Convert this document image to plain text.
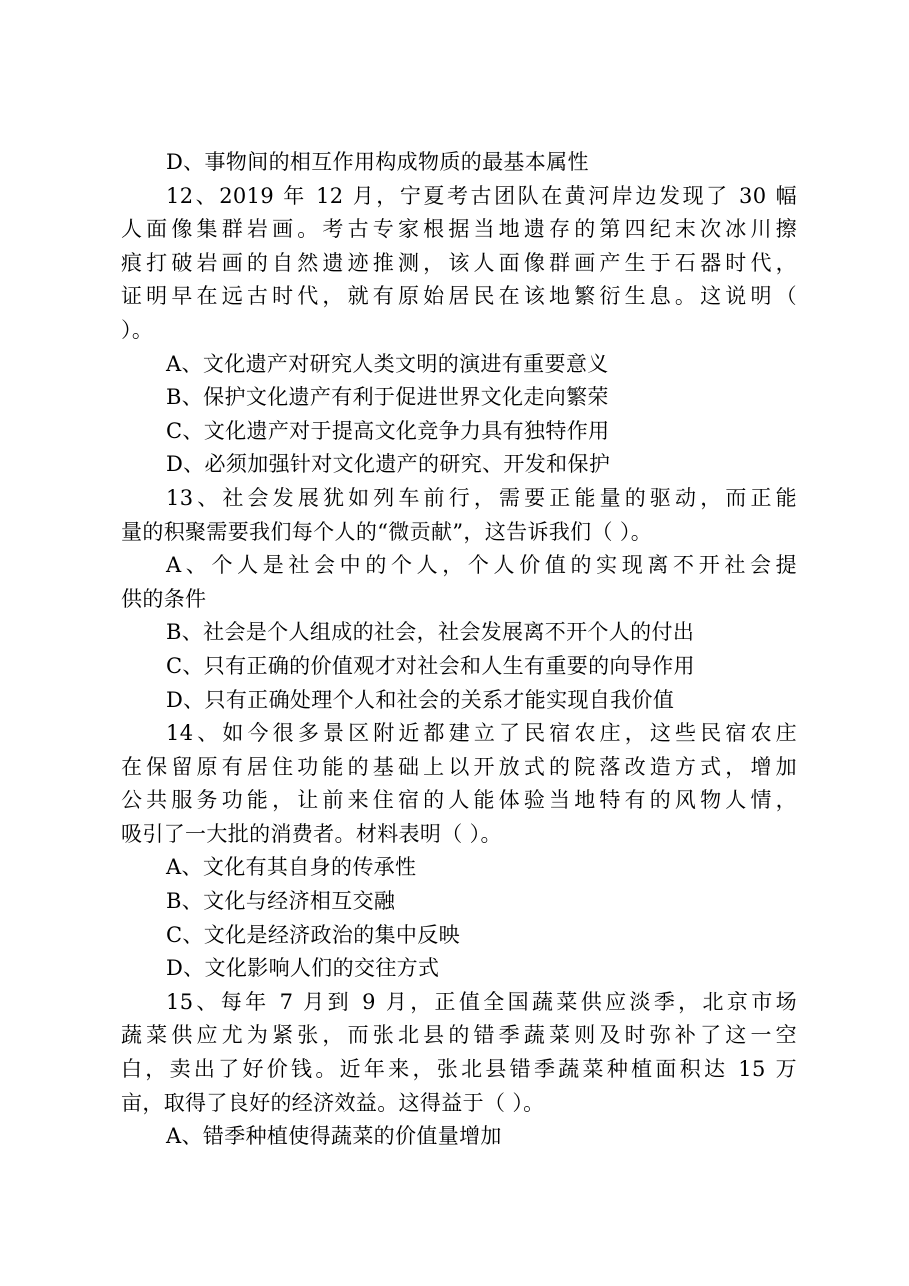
D、事物间的相互作用构成物质的最基本属性
12、2019 年 12 月，宁夏考古团队在黄河岸边发现了 30 幅
人面像集群岩画。考古专家根据当地遗存的第四纪末次冰川擦
痕打破岩画的自然遗迹推测，该人面像群画产生于石器时代，
证明早在远古时代，就有原始居民在该地繁衍生息。这说明（
）。
A、文化遗产对研究人类文明的演进有重要意义
B、保护文化遗产有利于促进世界文化走向繁荣
C、文化遗产对于提高文化竞争力具有独特作用
D、必须加强针对文化遗产的研究、开发和保护
13、社会发展犹如列车前行，需要正能量的驱动，而正能
量的积聚需要我们每个人的“微贡献”，这告诉我们（ ）。
A、个人是社会中的个人，个人价值的实现离不开社会提
供的条件
B、社会是个人组成的社会，社会发展离不开个人的付出
C、只有正确的价值观才对社会和人生有重要的向导作用
D、只有正确处理个人和社会的关系才能实现自我价值
14、如今很多景区附近都建立了民宿农庄，这些民宿农庄
在保留原有居住功能的基础上以开放式的院落改造方式，增加
公共服务功能，让前来住宿的人能体验当地特有的风物人情，
吸引了一大批的消费者。材料表明（ ）。
A、文化有其自身的传承性
B、文化与经济相互交融
C、文化是经济政治的集中反映
D、文化影响人们的交往方式
15、每年 7 月到 9 月，正值全国蔬菜供应淡季，北京市场
蔬菜供应尤为紧张，而张北县的错季蔬菜则及时弥补了这一空
白，卖出了好价钱。近年来，张北县错季蔬菜种植面积达 15 万
亩，取得了良好的经济效益。这得益于（ ）。
A、错季种植使得蔬菜的价值量增加
